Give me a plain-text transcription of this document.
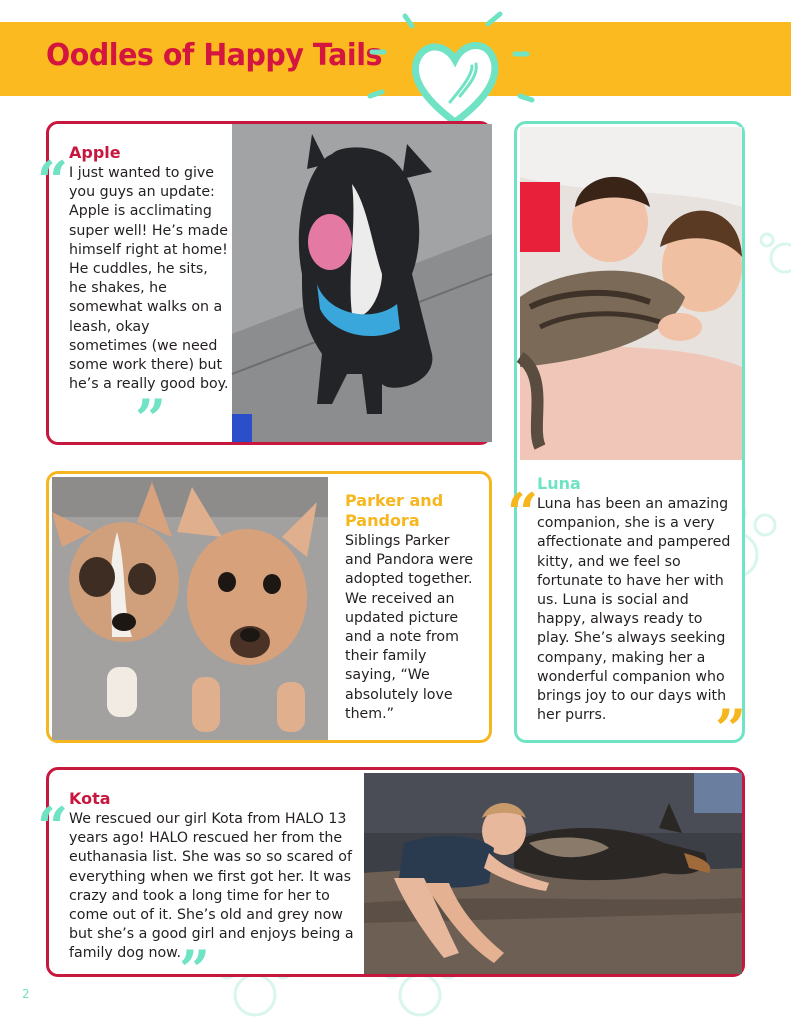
Oodles of Happy Tails

Apple

“ I just wanted to give you guys an update: Apple is acclimating super well! He’s made himself right at home! He cuddles, he sits, he shakes, he somewhat walks on a leash, okay sometimes (we need some work there) but he’s a really good boy.

”

Luna

“

Luna has been an amazing companion, she is a very affectionate and pampered kitty, and we feel so fortunate to have her with us. Luna is social and happy, always ready to play. She’s always seeking company, making her a wonderful companion who brings joy to our days with her purrs.	”

Parker and Pandora

Siblings Parker and Pandora were adopted together. We received an updated picture and a note from their family saying, “We absolutely love them.”

Kota

“ We rescued our girl Kota from HALO 13 years ago! HALO rescued her from the euthanasia list. She was so so scared of everything when we first got her. It was crazy and took a long time for her to come out of it. She’s old and grey now but she’s a good girl and enjoys being a family dog now.

”

2
